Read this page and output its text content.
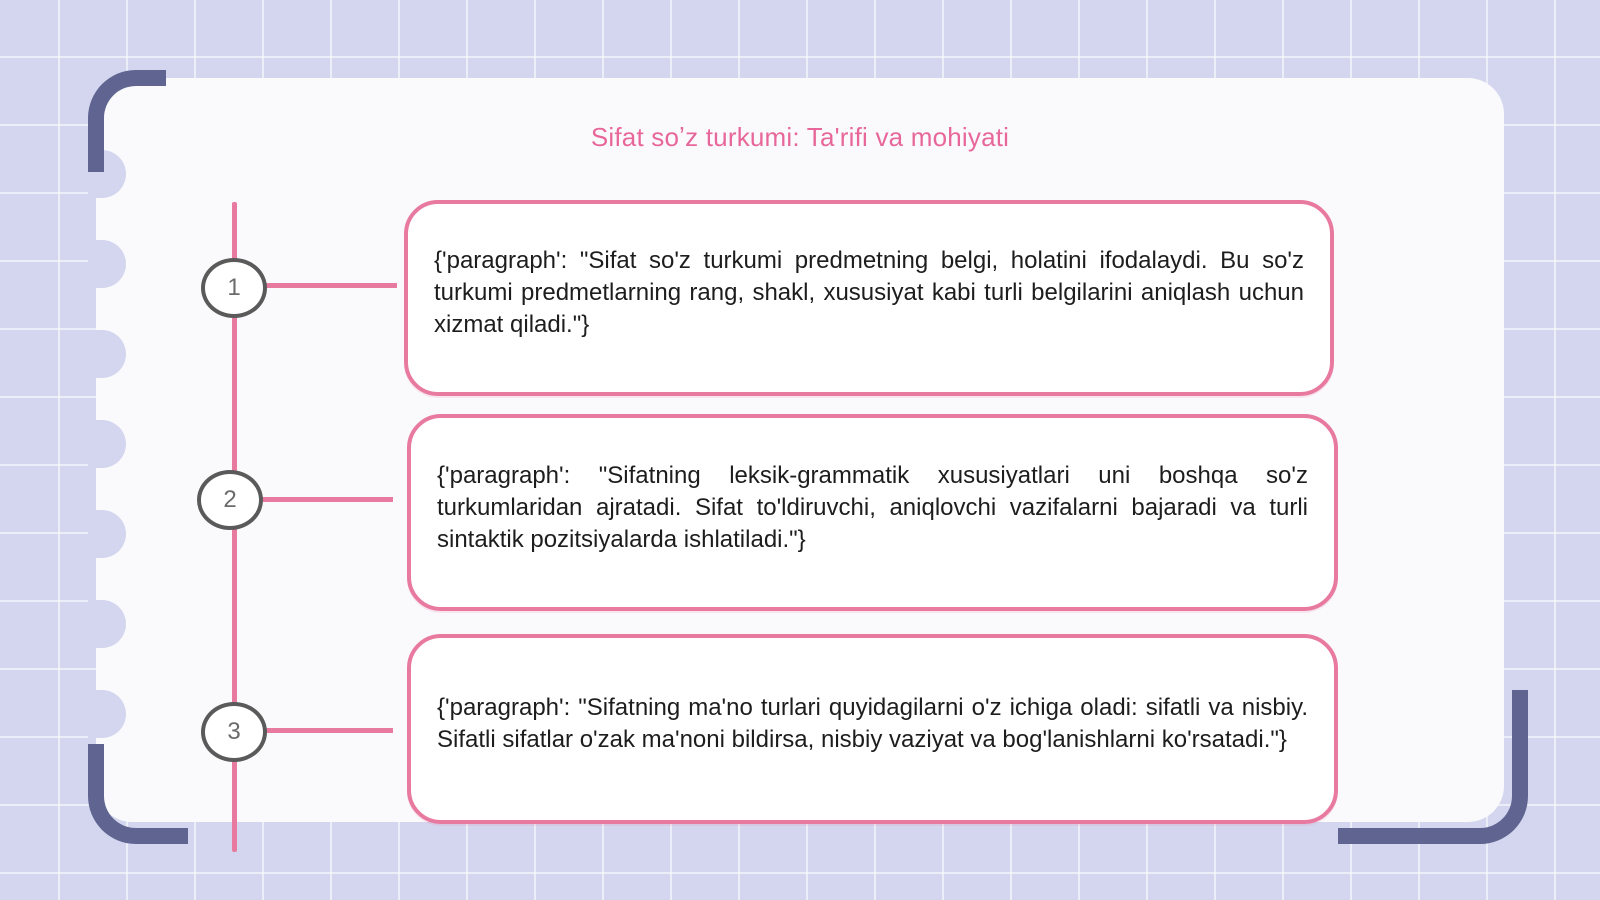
Sifat soʼz turkumi: Ta'rifi va mohiyati
1

{'paragraph': "Sifat so'z turkumi predmetning belgi, holatini ifodalaydi. Bu so'z turkumi predmetlarning rang, shakl, xususiyat kabi turli belgilarini aniqlash uchun xizmat qiladi."}

2

{'paragraph': "Sifatning leksik-grammatik xususiyatlari uni boshqa so'z turkumlaridan ajratadi. Sifat to'ldiruvchi, aniqlovchi vazifalarni bajaradi va turli sintaktik pozitsiyalarda ishlatiladi."}

3

{'paragraph': "Sifatning ma'no turlari quyidagilarni o'z ichiga oladi: sifatli va nisbiy. Sifatli sifatlar o'zak ma'noni bildirsa, nisbiy vaziyat va bog'lanishlarni ko'rsatadi."}
